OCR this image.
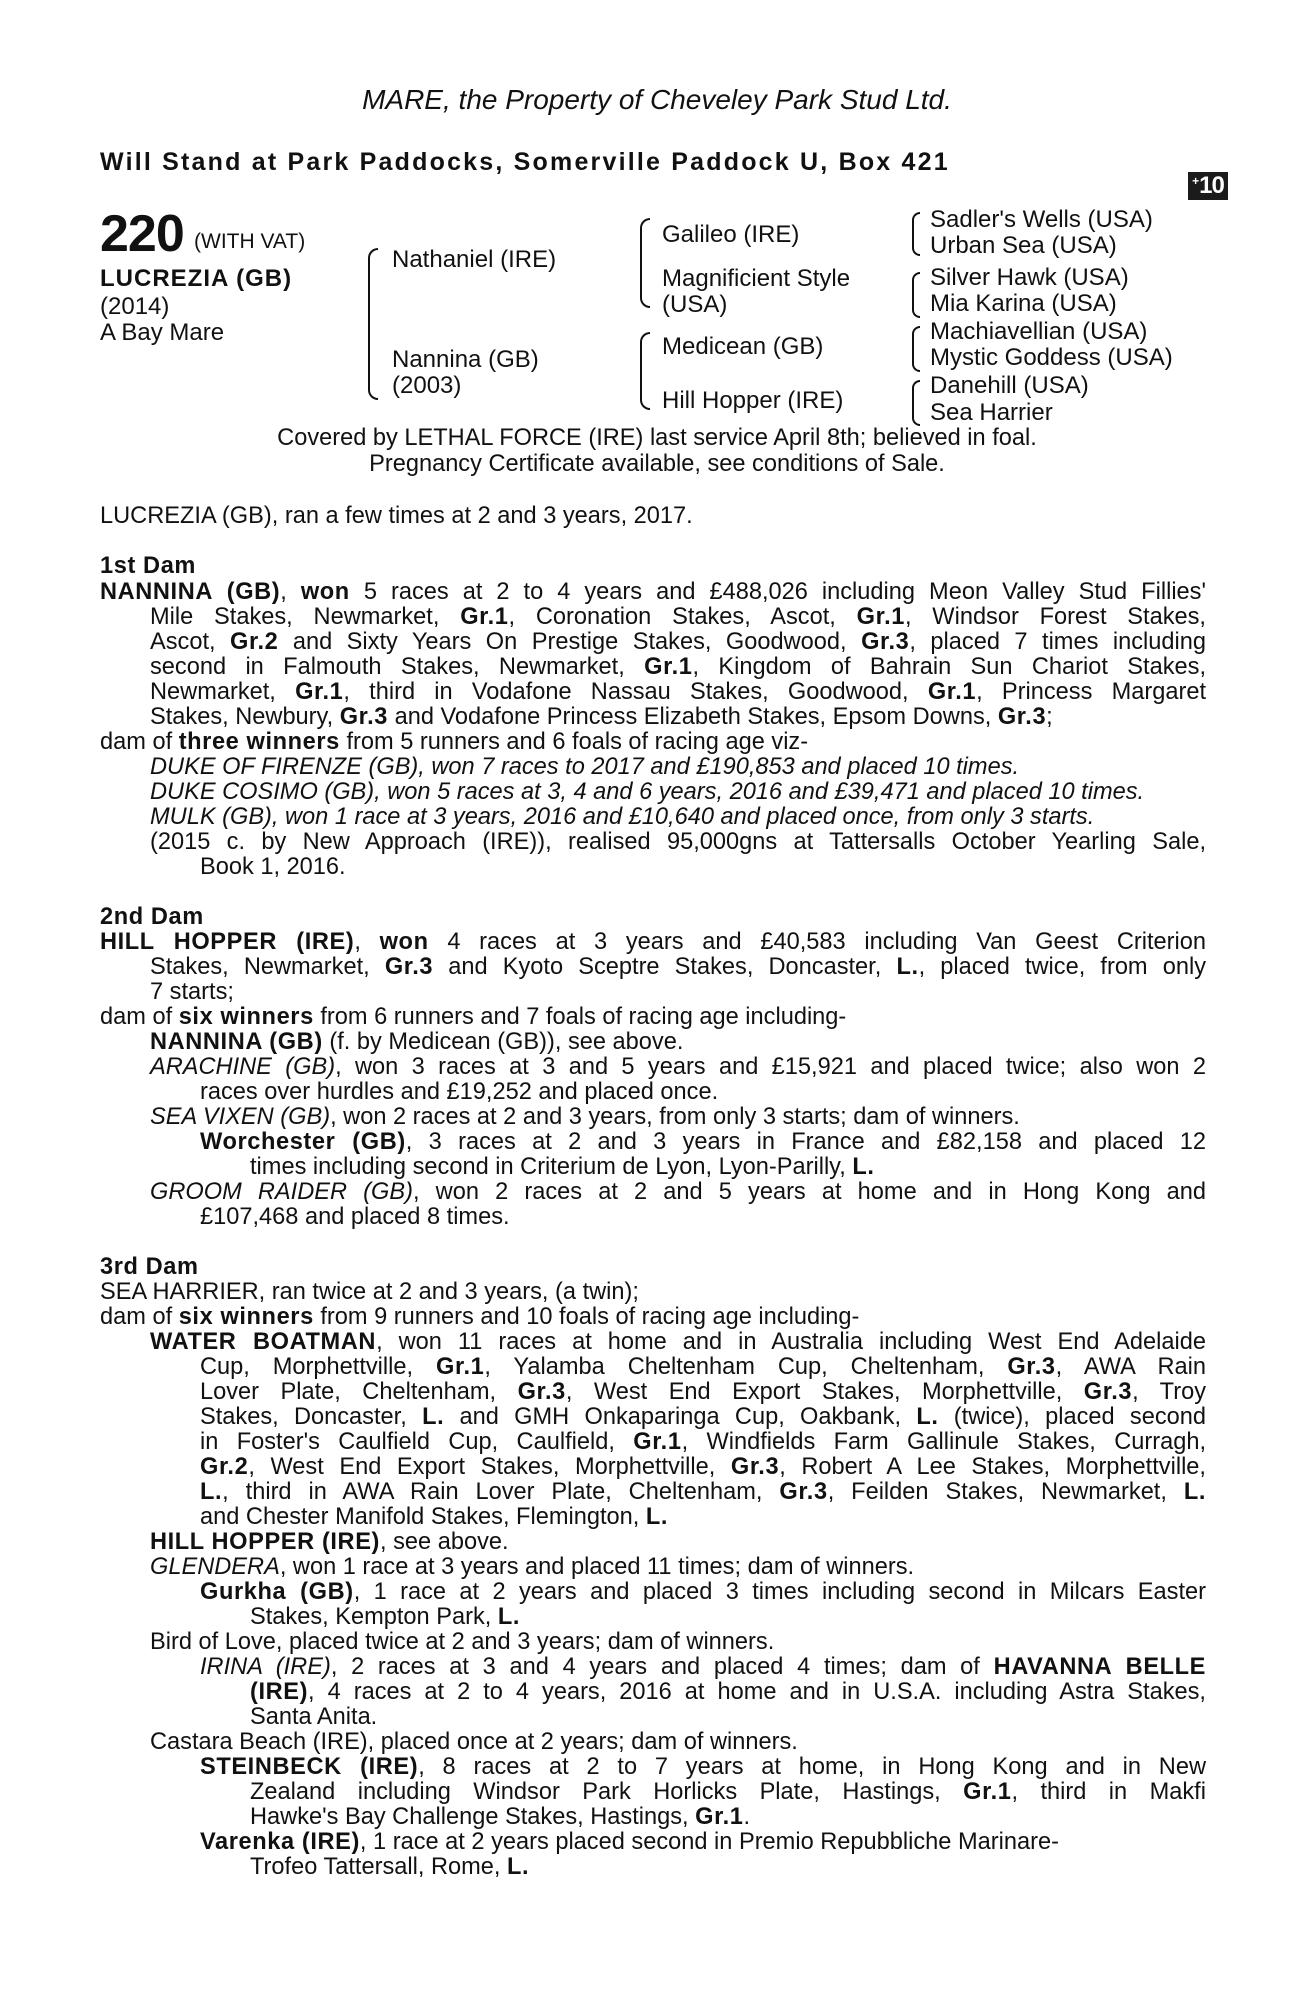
MARE, the Property of Cheveley Park Stud Ltd.
Will Stand at Park Paddocks, Somerville Paddock U, Box 421
+10
220 (WITH VAT)
LUCREZIA (GB)
(2014)
A Bay Mare
Nathaniel (IRE)
Nannina (GB)
(2003)
Galileo (IRE)
Magnificient Style
(USA)
Medicean (GB)
Hill Hopper (IRE)
Sadler's Wells (USA)
Urban Sea (USA)
Silver Hawk (USA)
Mia Karina (USA)
Machiavellian (USA)
Mystic Goddess (USA)
Danehill (USA)
Sea Harrier
Covered by LETHAL FORCE (IRE) last service April 8th; believed in foal.
Pregnancy Certificate available, see conditions of Sale.
LUCREZIA (GB), ran a few times at 2 and 3 years, 2017.
1st Dam
NANNINA (GB), won 5 races at 2 to 4 years and £488,026 including Meon Valley Stud Fillies'
Mile Stakes, Newmarket, Gr.1, Coronation Stakes, Ascot, Gr.1, Windsor Forest Stakes,
Ascot, Gr.2 and Sixty Years On Prestige Stakes, Goodwood, Gr.3, placed 7 times including
second in Falmouth Stakes, Newmarket, Gr.1, Kingdom of Bahrain Sun Chariot Stakes,
Newmarket, Gr.1, third in Vodafone Nassau Stakes, Goodwood, Gr.1, Princess Margaret
Stakes, Newbury, Gr.3 and Vodafone Princess Elizabeth Stakes, Epsom Downs, Gr.3;
dam of three winners from 5 runners and 6 foals of racing age viz-
DUKE OF FIRENZE (GB), won 7 races to 2017 and £190,853 and placed 10 times.
DUKE COSIMO (GB), won 5 races at 3, 4 and 6 years, 2016 and £39,471 and placed 10 times.
MULK (GB), won 1 race at 3 years, 2016 and £10,640 and placed once, from only 3 starts.
(2015 c. by New Approach (IRE)), realised 95,000gns at Tattersalls October Yearling Sale,
Book 1, 2016.
2nd Dam
HILL HOPPER (IRE), won 4 races at 3 years and £40,583 including Van Geest Criterion
Stakes, Newmarket, Gr.3 and Kyoto Sceptre Stakes, Doncaster, L., placed twice, from only
7 starts;
dam of six winners from 6 runners and 7 foals of racing age including-
NANNINA (GB) (f. by Medicean (GB)), see above.
ARACHINE (GB), won 3 races at 3 and 5 years and £15,921 and placed twice; also won 2
races over hurdles and £19,252 and placed once.
SEA VIXEN (GB), won 2 races at 2 and 3 years, from only 3 starts; dam of winners.
Worchester (GB), 3 races at 2 and 3 years in France and £82,158 and placed 12
times including second in Criterium de Lyon, Lyon-Parilly, L.
GROOM RAIDER (GB), won 2 races at 2 and 5 years at home and in Hong Kong and
£107,468 and placed 8 times.
3rd Dam
SEA HARRIER, ran twice at 2 and 3 years, (a twin);
dam of six winners from 9 runners and 10 foals of racing age including-
WATER BOATMAN, won 11 races at home and in Australia including West End Adelaide
Cup, Morphettville, Gr.1, Yalamba Cheltenham Cup, Cheltenham, Gr.3, AWA Rain
Lover Plate, Cheltenham, Gr.3, West End Export Stakes, Morphettville, Gr.3, Troy
Stakes, Doncaster, L. and GMH Onkaparinga Cup, Oakbank, L. (twice), placed second
in Foster's Caulfield Cup, Caulfield, Gr.1, Windfields Farm Gallinule Stakes, Curragh,
Gr.2, West End Export Stakes, Morphettville, Gr.3, Robert A Lee Stakes, Morphettville,
L., third in AWA Rain Lover Plate, Cheltenham, Gr.3, Feilden Stakes, Newmarket, L.
and Chester Manifold Stakes, Flemington, L.
HILL HOPPER (IRE), see above.
GLENDERA, won 1 race at 3 years and placed 11 times; dam of winners.
Gurkha (GB), 1 race at 2 years and placed 3 times including second in Milcars Easter
Stakes, Kempton Park, L.
Bird of Love, placed twice at 2 and 3 years; dam of winners.
IRINA (IRE), 2 races at 3 and 4 years and placed 4 times; dam of HAVANNA BELLE
(IRE), 4 races at 2 to 4 years, 2016 at home and in U.S.A. including Astra Stakes,
Santa Anita.
Castara Beach (IRE), placed once at 2 years; dam of winners.
STEINBECK (IRE), 8 races at 2 to 7 years at home, in Hong Kong and in New
Zealand including Windsor Park Horlicks Plate, Hastings, Gr.1, third in Makfi
Hawke's Bay Challenge Stakes, Hastings, Gr.1.
Varenka (IRE), 1 race at 2 years placed second in Premio Repubbliche Marinare-
Trofeo Tattersall, Rome, L.
